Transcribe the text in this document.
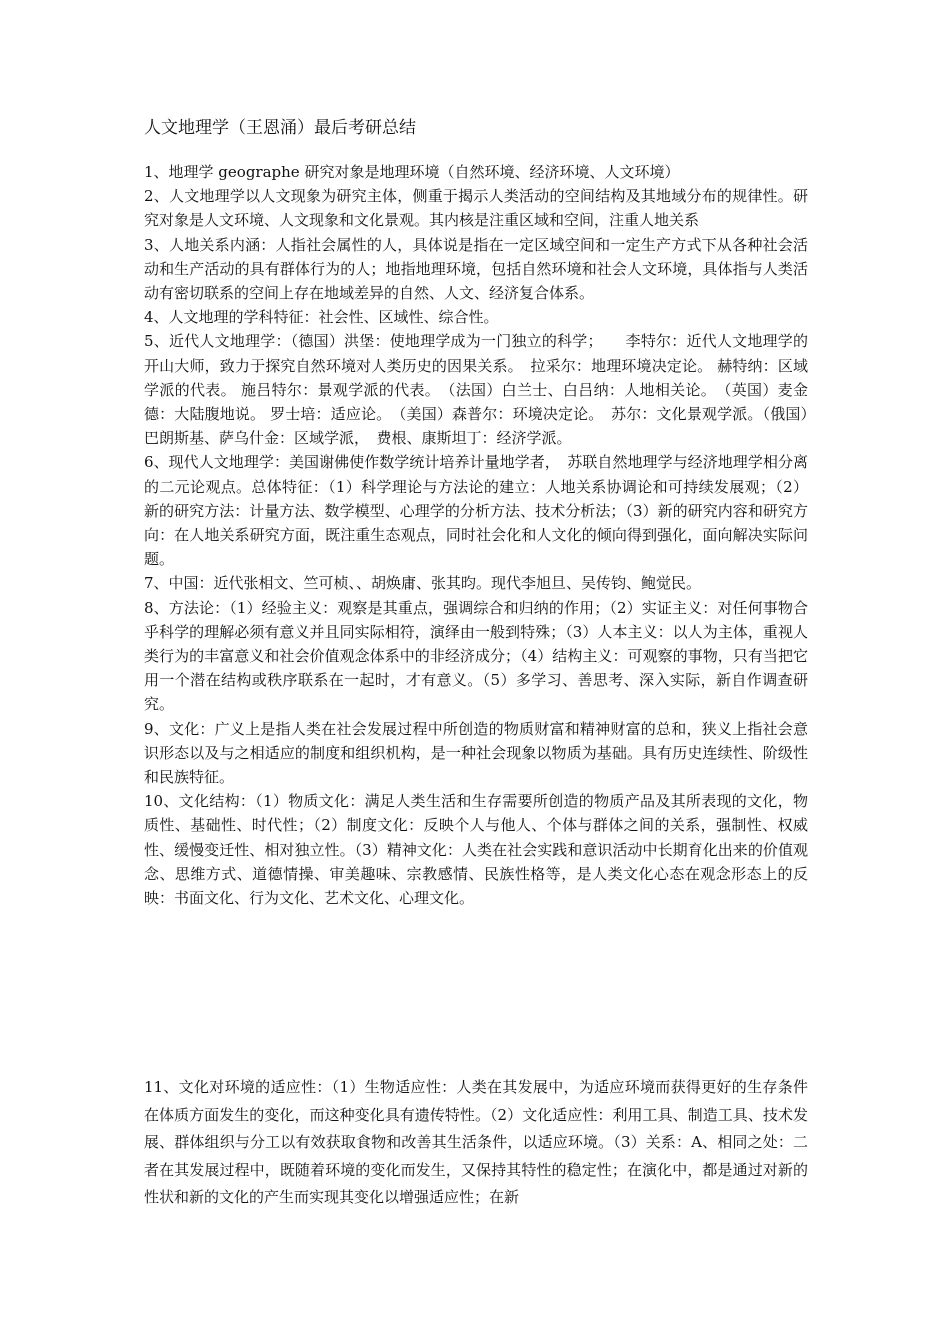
人文地理学（王恩涌）最后考研总结

1、地理学 geographe 研究对象是地理环境（自然环境、经济环境、人文环境）

2、人文地理学以人文现象为研究主体，侧重于揭示人类活动的空间结构及其地域分布的规律性。研究对象是人文环境、人文现象和文化景观。其内核是注重区域和空间，注重人地关系

3、人地关系内涵：人指社会属性的人，具体说是指在一定区域空间和一定生产方式下从各种社会活动和生产活动的具有群体行为的人；地指地理环境，包括自然环境和社会人文环境，具体指与人类活动有密切联系的空间上存在地域差异的自然、人文、经济复合体系。

4、人文地理的学科特征：社会性、区域性、综合性。

5、近代人文地理学：（德国）洪堡：使地理学成为一门独立的科学；　　李特尔：近代人文地理学的开山大师，致力于探究自然环境对人类历史的因果关系。　拉采尔：地理环境决定论。 赫特纳：区域学派的代表。 施吕特尔：景观学派的代表。　（法国）白兰士、白吕纳：人地相关论。　（英国）麦金德：大陆腹地说。 罗士培：适应论。　（美国）森普尔：环境决定论。　苏尔：文化景观学派。（俄国）巴朗斯基、萨乌什金：区域学派，　费根、康斯坦丁：经济学派。

6、现代人文地理学：美国谢佛使作数学统计培养计量地学者，　苏联自然地理学与经济地理学相分离的二元论观点。总体特征：（1）科学理论与方法论的建立：人地关系协调论和可持续发展观；（2）新的研究方法：计量方法、数学模型、心理学的分析方法、技术分析法；（3）新的研究内容和研究方向：在人地关系研究方面，既注重生态观点，同时社会化和人文化的倾向得到强化，面向解决实际问题。

7、中国：近代张相文、竺可桢、、胡焕庸、张其昀。现代李旭旦、吴传钧、鲍觉民。

8、方法论：（1）经验主义：观察是其重点，强调综合和归纳的作用；（2）实证主义：对任何事物合乎科学的理解必须有意义并且同实际相符，演绎由一般到特殊；（3）人本主义：以人为主体，重视人类行为的丰富意义和社会价值观念体系中的非经济成分；（4）结构主义：可观察的事物，只有当把它用一个潜在结构或秩序联系在一起时，才有意义。（5）多学习、善思考、深入实际，新自作调查研究。

9、文化：广义上是指人类在社会发展过程中所创造的物质财富和精神财富的总和，狭义上指社会意识形态以及与之相适应的制度和组织机构，是一种社会现象以物质为基础。具有历史连续性、阶级性和民族特征。

10、文化结构：（1）物质文化：满足人类生活和生存需要所创造的物质产品及其所表现的文化，物质性、基础性、时代性；（2）制度文化：反映个人与他人、个体与群体之间的关系，强制性、权威性、缓慢变迁性、相对独立性。（3）精神文化：人类在社会实践和意识活动中长期育化出来的价值观念、思维方式、道德情操、审美趣味、宗教感情、民族性格等，是人类文化心态在观念形态上的反映：书面文化、行为文化、艺术文化、心理文化。

11、文化对环境的适应性：（1）生物适应性：人类在其发展中，为适应环境而获得更好的生存条件在体质方面发生的变化，而这种变化具有遗传特性。（2）文化适应性：利用工具、制造工具、技术发展、群体组织与分工以有效获取食物和改善其生活条件，以适应环境。（3）关系：A、相同之处：二者在其发展过程中，既随着环境的变化而发生，又保持其特性的稳定性；在演化中，都是通过对新的性状和新的文化的产生而实现其变化以增强适应性；在新
